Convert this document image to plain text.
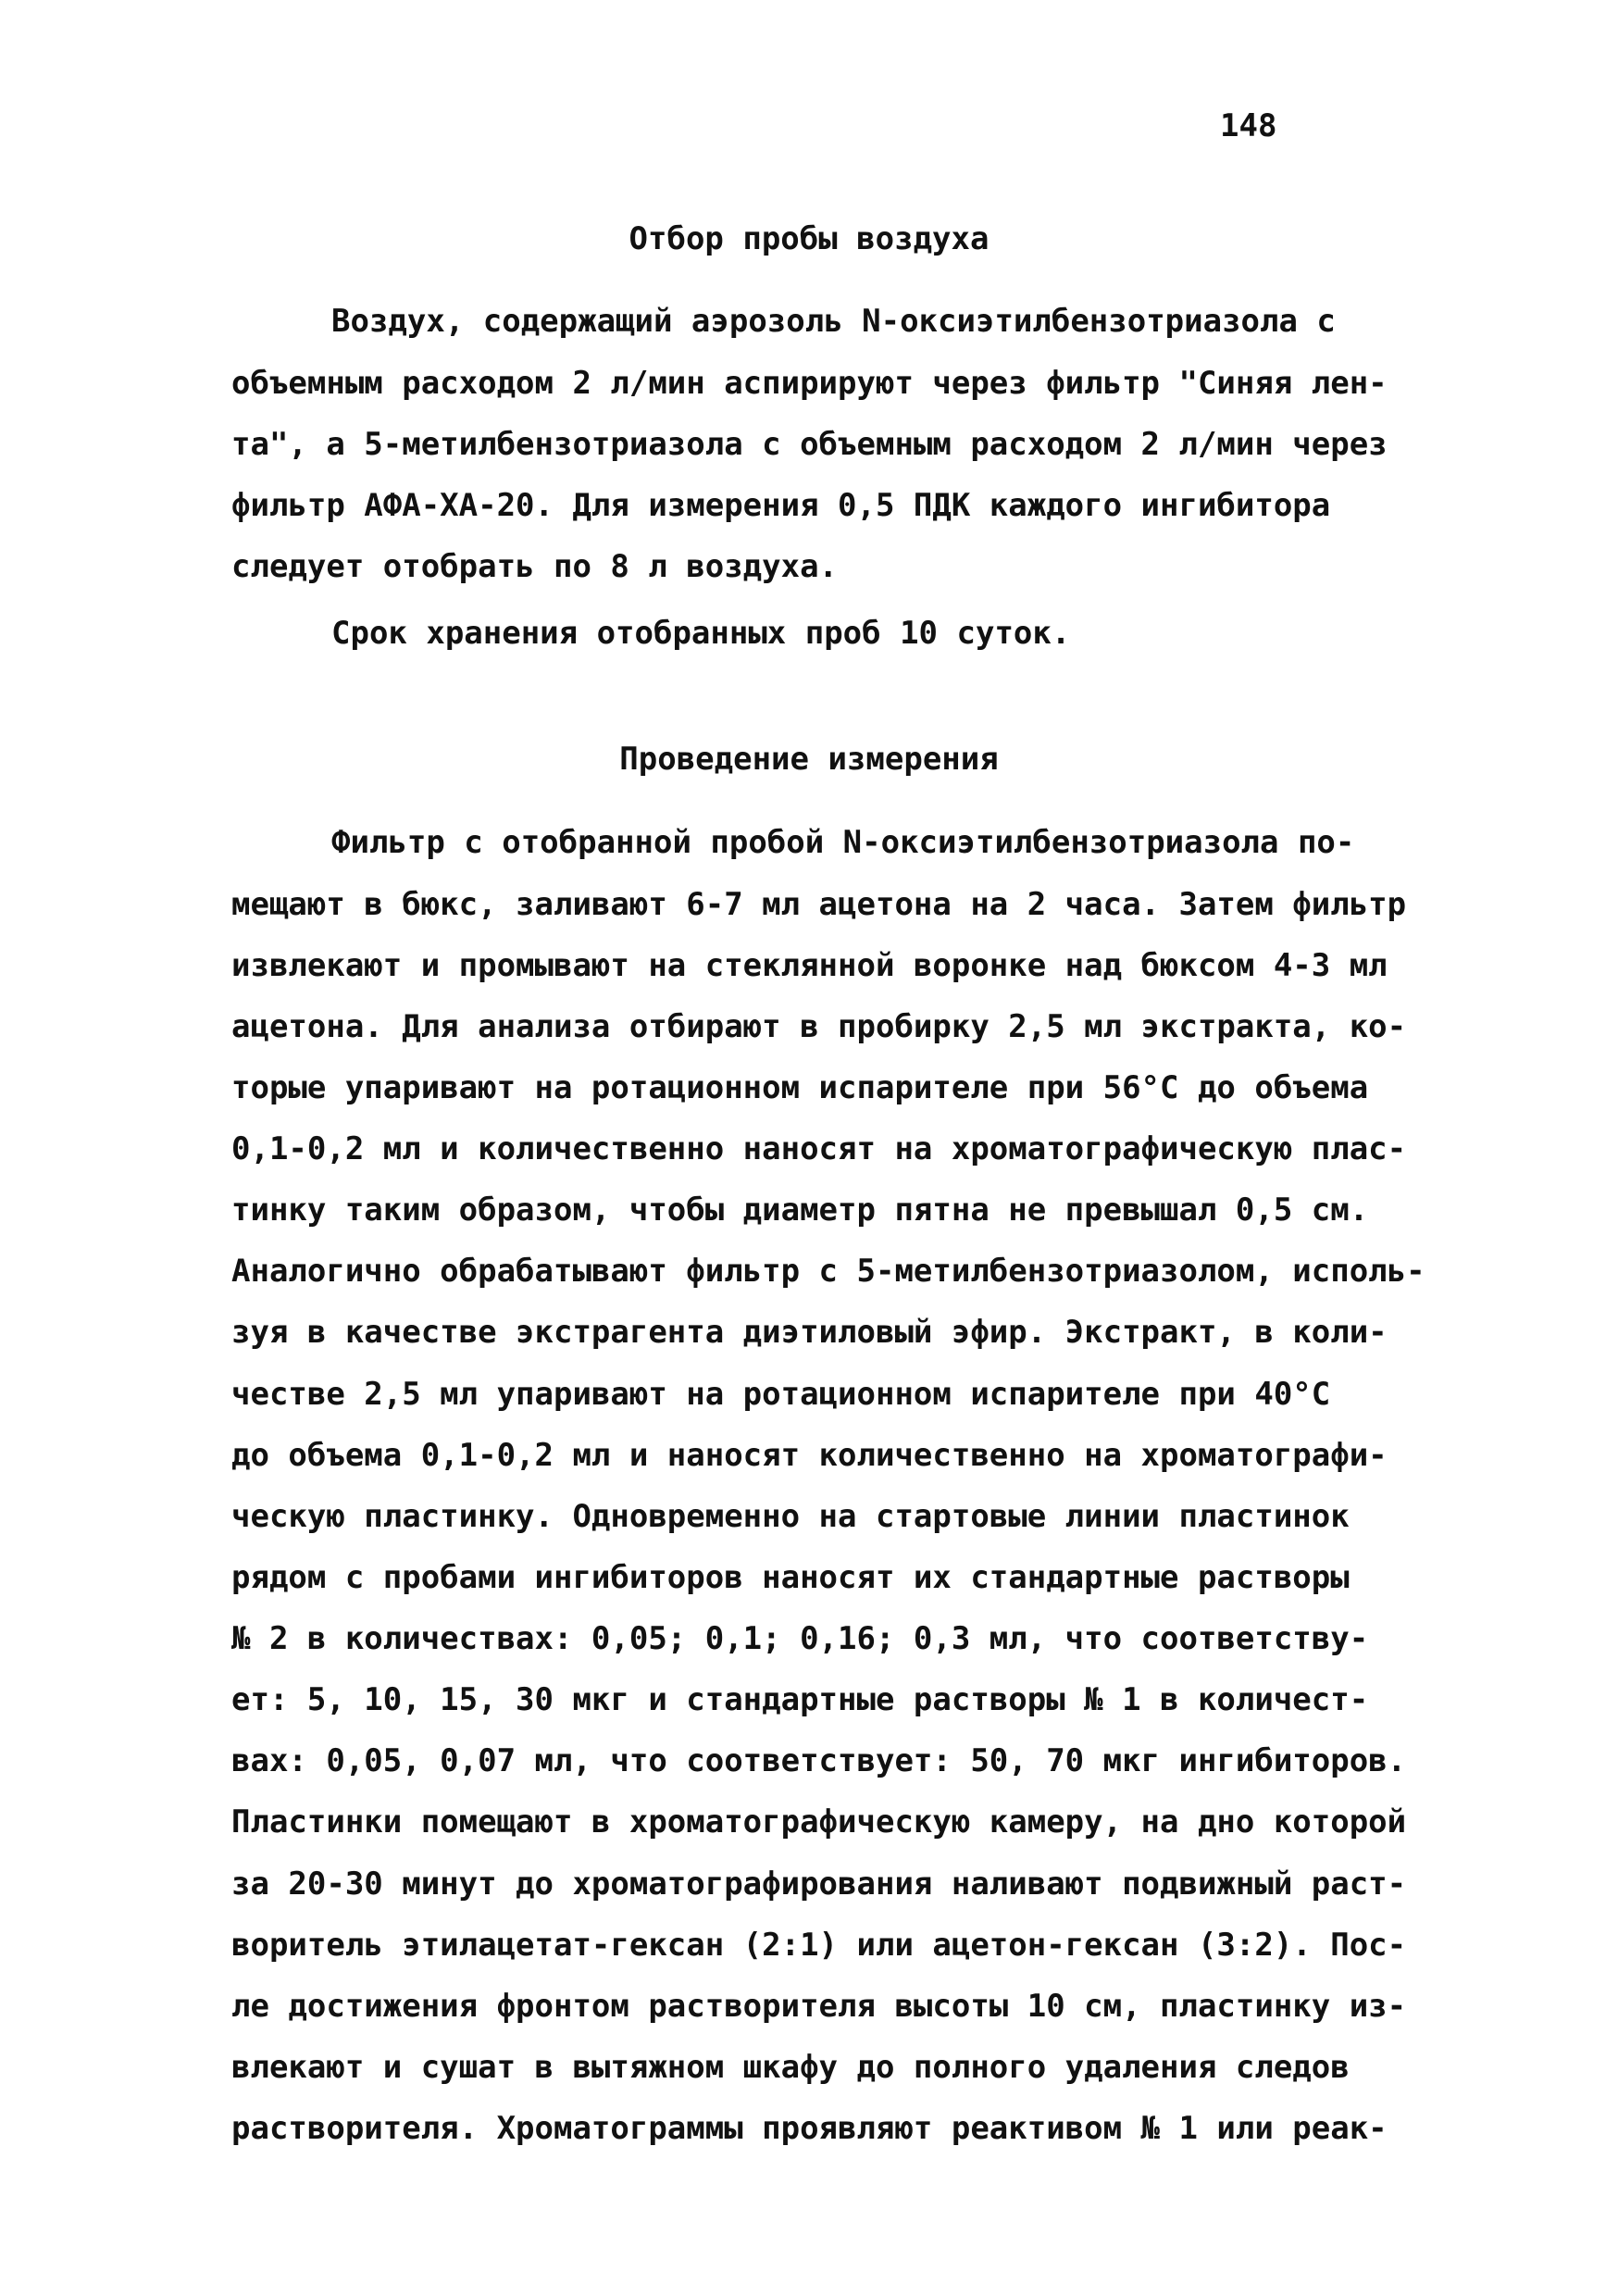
148
Отбор пробы воздуха
Воздух, содержащий аэрозоль N-оксиэтилбензотриазола с
объемным расходом 2 л/мин аспирируют через фильтр "Синяя лен-
та", а 5-метилбензотриазола с объемным расходом 2 л/мин через
фильтр АФА-ХА-20. Для измерения 0,5 ПДК каждого ингибитора
следует отобрать по 8 л воздуха.
Срок хранения отобранных проб 10 суток.
Проведение измерения
Фильтр с отобранной пробой N-оксиэтилбензотриазола по-
мещают в бюкс, заливают 6-7 мл ацетона на 2 часа. Затем фильтр
извлекают и промывают на стеклянной воронке над бюксом 4-3 мл
ацетона. Для анализа отбирают в пробирку 2,5 мл экстракта, ко-
торые упаривают на ротационном испарителе при 56°С до объема
0,1-0,2 мл и количественно наносят на хроматографическую плас-
тинку таким образом, чтобы диаметр пятна не превышал 0,5 см.
Аналогично обрабатывают фильтр с 5-метилбензотриазолом, исполь-
зуя в качестве экстрагента диэтиловый эфир. Экстракт, в коли-
честве 2,5 мл упаривают на ротационном испарителе при 40°С
до объема 0,1-0,2 мл и наносят количественно на хроматографи-
ческую пластинку. Одновременно на стартовые линии пластинок
рядом с пробами ингибиторов наносят их стандартные растворы
№ 2 в количествах: 0,05; 0,1; 0,16; 0,3 мл, что соответству-
ет: 5, 10, 15, 30 мкг и стандартные растворы № 1 в количест-
вах: 0,05, 0,07 мл, что соответствует: 50, 70 мкг ингибиторов.
Пластинки помещают в хроматографическую камеру, на дно которой
за 20-30 минут до хроматографирования наливают подвижный раст-
воритель этилацетат-гексан (2:1) или ацетон-гексан (3:2). Пос-
ле достижения фронтом растворителя высоты 10 см, пластинку из-
влекают и сушат в вытяжном шкафу до полного удаления следов
растворителя. Хроматограммы проявляют реактивом № 1 или реак-
